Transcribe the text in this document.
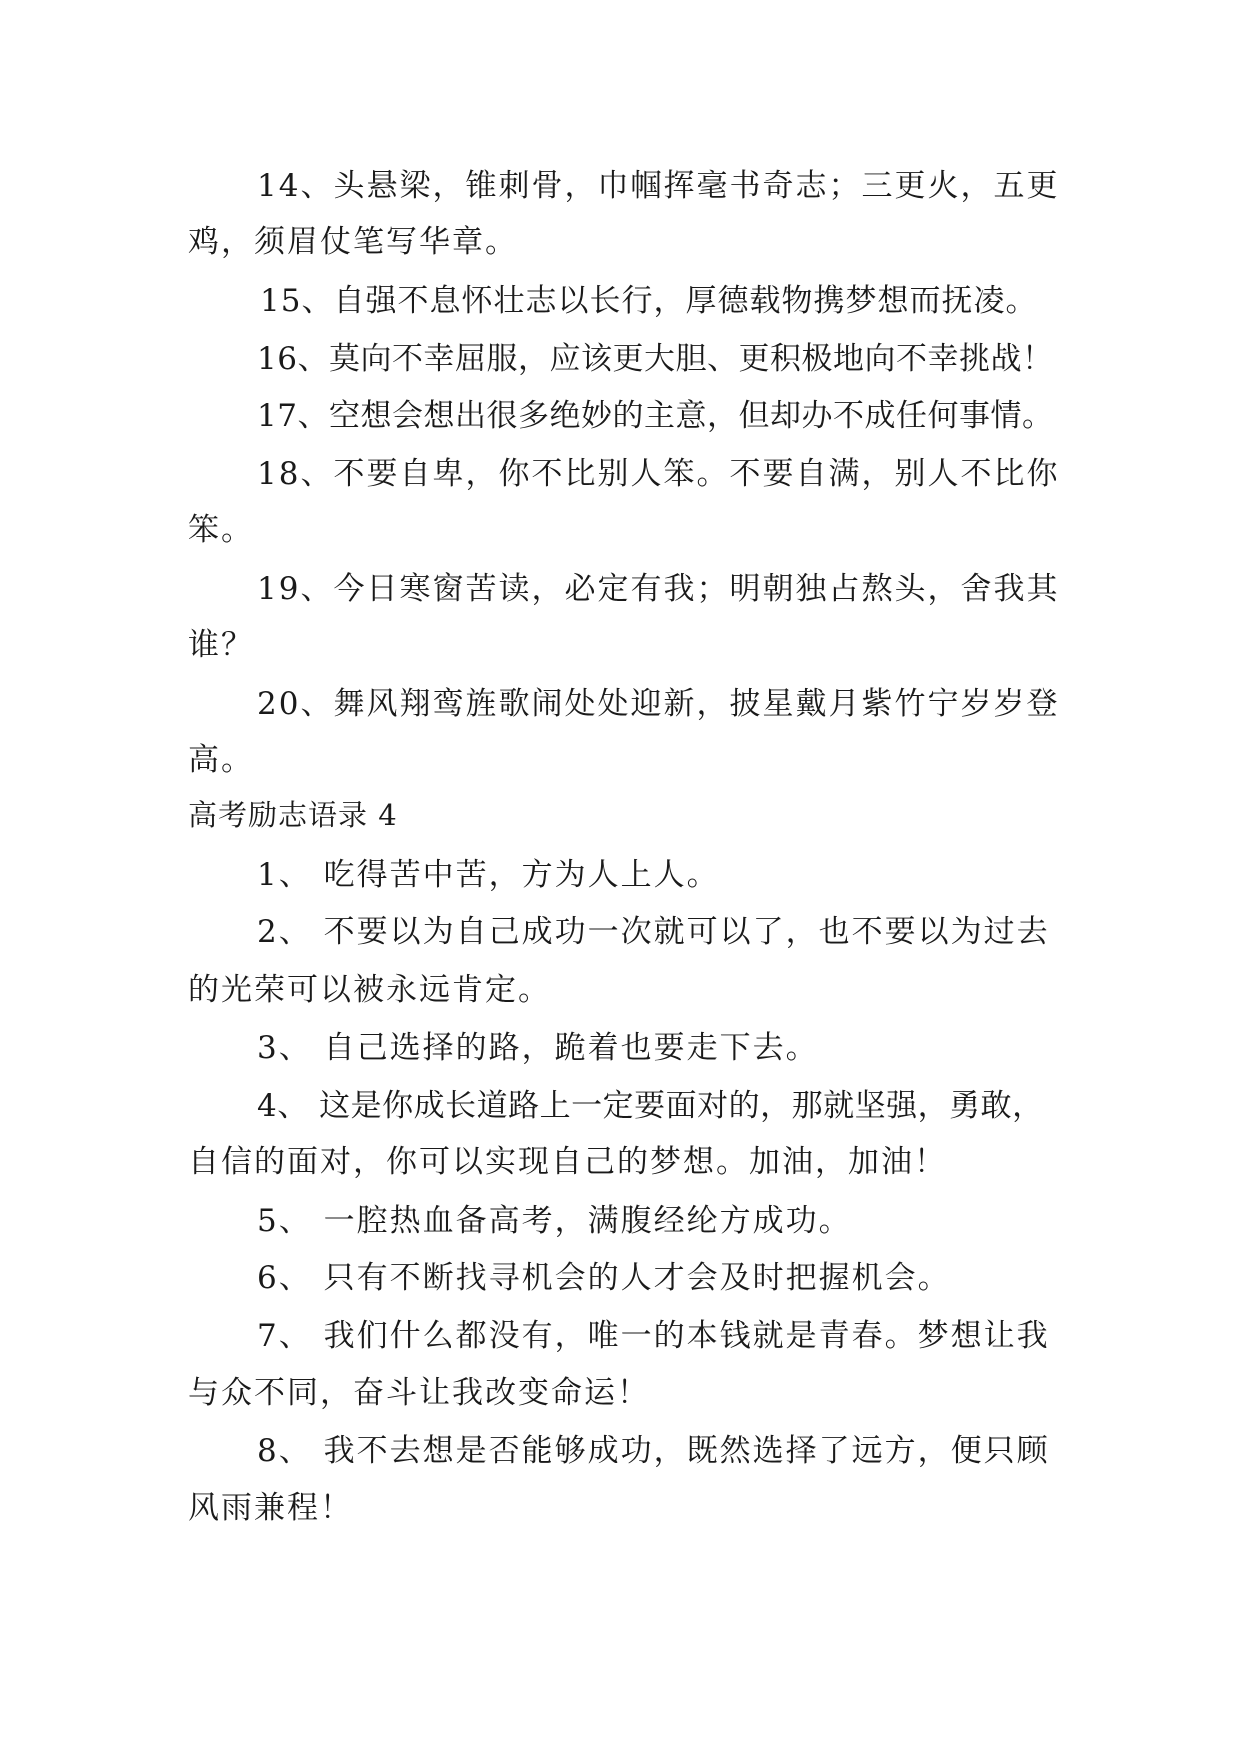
14、头悬梁，锥刺骨，巾帼挥毫书奇志；三更火，五更
鸡，须眉仗笔写华章。
15、自强不息怀壮志以长行，厚德载物携梦想而抚凌。
16、莫向不幸屈服，应该更大胆、更积极地向不幸挑战！
17、空想会想出很多绝妙的主意，但却办不成任何事情。
18、不要自卑，你不比别人笨。不要自满，别人不比你
笨。
19、今日寒窗苦读，必定有我；明朝独占熬头，舍我其
谁？
20、舞风翔鸾旌歌闹处处迎新，披星戴月紫竹宁岁岁登
高。
高考励志语录 4
1、 吃得苦中苦，方为人上人。
2、 不要以为自己成功一次就可以了，也不要以为过去
的光荣可以被永远肯定。
3、 自己选择的路，跪着也要走下去。
4、 这是你成长道路上一定要面对的，那就坚强，勇敢，
自信的面对，你可以实现自己的梦想。加油，加油！
5、 一腔热血备高考，满腹经纶方成功。
6、 只有不断找寻机会的人才会及时把握机会。
7、 我们什么都没有，唯一的本钱就是青春。梦想让我
与众不同，奋斗让我改变命运！
8、 我不去想是否能够成功，既然选择了远方，便只顾
风雨兼程！
